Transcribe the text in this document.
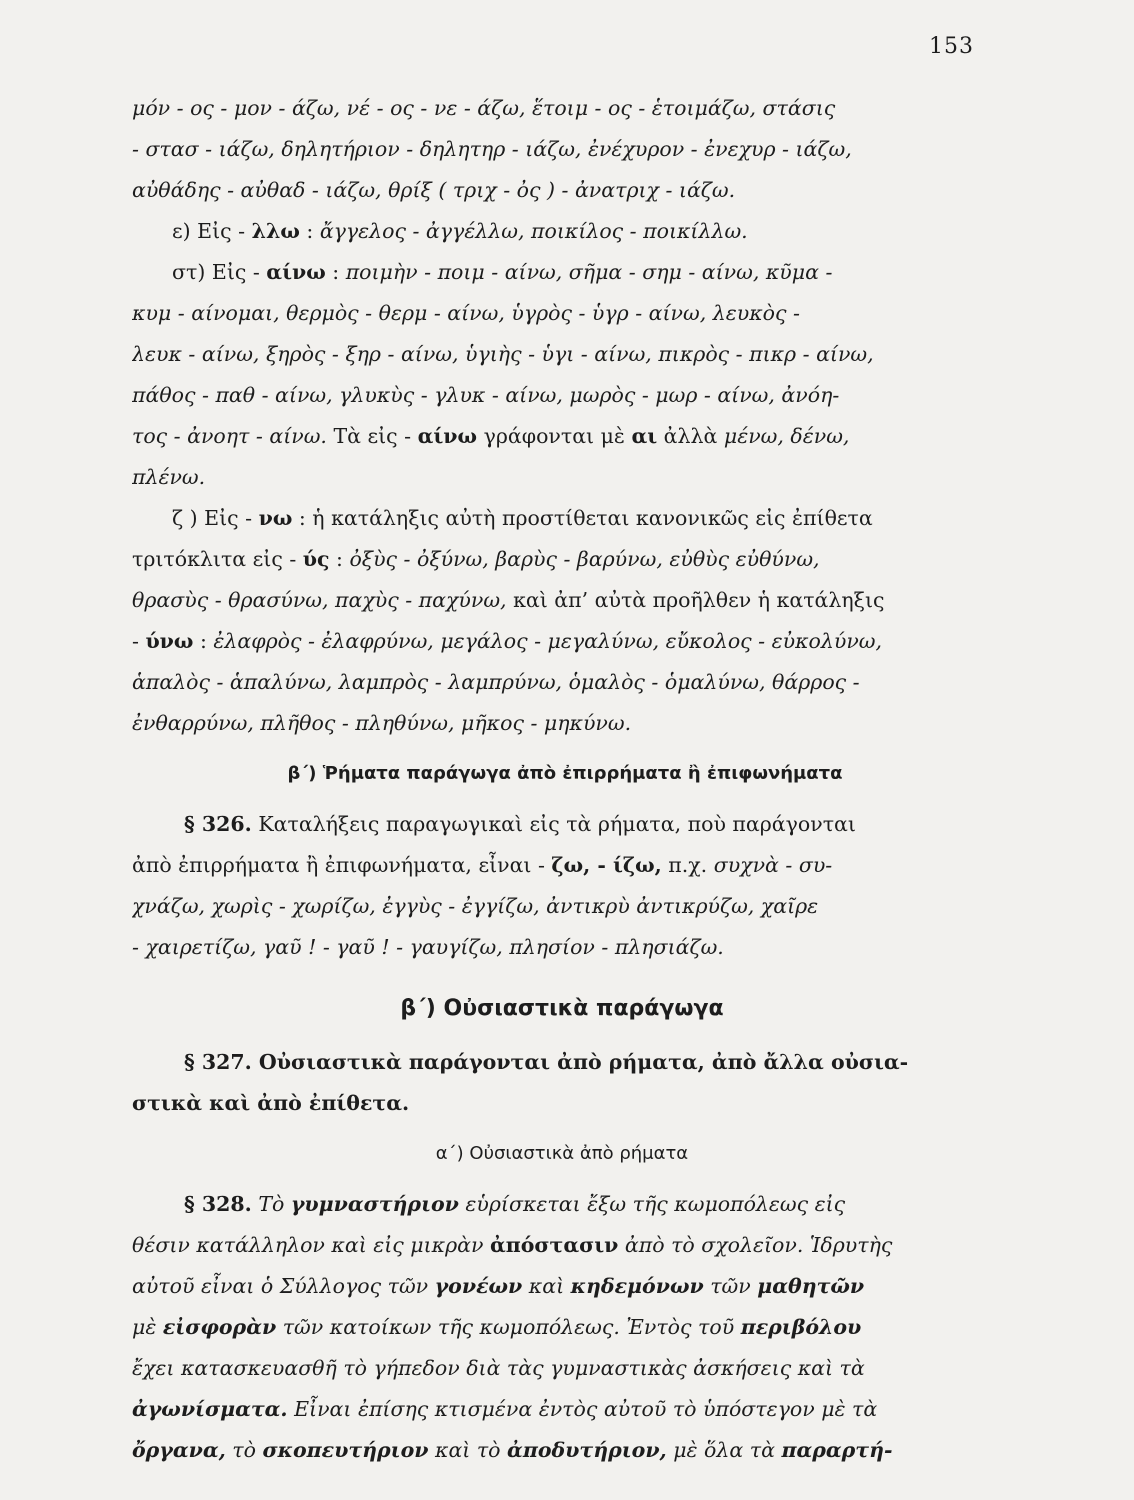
153
μόν - ος - μον - άζω, νέ - ος - νε - άζω, ἕτοιμ - ος - ἑτοιμάζω, στάσις
- στασ - ιάζω, δηλητήριον - δηλητηρ - ιάζω, ἐνέχυρον - ἐνεχυρ - ιάζω,
αὐθάδης - αὐθαδ - ιάζω, θρίξ ( τριχ - ὀς ) - ἀνατριχ - ιάζω.
ε) Εἰς - λλω : ἄγγελος - ἀγγέλλω, ποικίλος - ποικίλλω.
στ) Εἰς - αίνω : ποιμὴν - ποιμ - αίνω, σῆμα - σημ - αίνω, κῦμα -
κυμ - αίνομαι, θερμὸς - θερμ - αίνω, ὑγρὸς - ὑγρ - αίνω, λευκὸς -
λευκ - αίνω, ξηρὸς - ξηρ - αίνω, ὑγιὴς - ὑγι - αίνω, πικρὸς - πικρ - αίνω,
πάθος - παθ - αίνω, γλυκὺς - γλυκ - αίνω, μωρὸς - μωρ - αίνω, ἀνόη-
τος - ἀνοητ - αίνω. Τὰ εἰς - αίνω γράφονται μὲ αι ἀλλὰ μένω, δένω,
πλένω.
ζ ) Εἰς - νω : ἡ κατάληξις αὐτὴ προστίθεται κανονικῶς εἰς ἐπίθετα
τριτόκλιτα εἰς - ύς : ὀξὺς - ὀξύνω, βαρὺς - βαρύνω, εὐθὺς εὐθύνω,
θρασὺς - θρασύνω, παχὺς - παχύνω, καὶ ἀπ’ αὐτὰ προῆλθεν ἡ κατάληξις
- ύνω : ἐλαφρὸς - ἐλαφρύνω, μεγάλος - μεγαλύνω, εὔκολος - εὐκολύνω,
ἁπαλὸς - ἁπαλύνω, λαμπρὸς - λαμπρύνω, ὁμαλὸς - ὁμαλύνω, θάρρος -
ἐνθαρρύνω, πλῆθος - πληθύνω, μῆκος - μηκύνω.
β΄) Ῥήματα παράγωγα ἀπὸ ἐπιρρήματα ἢ ἐπιφωνήματα
§ 326. Καταλήξεις παραγωγικαὶ εἰς τὰ ρήματα, ποὺ παράγονται
ἀπὸ ἐπιρρήματα ἢ ἐπιφωνήματα, εἶναι - ζω, - ίζω, π.χ. συχνὰ - συ-
χνάζω, χωρὶς - χωρίζω, ἐγγὺς - ἐγγίζω, ἀντικρὺ ἀντικρύζω, χαῖρε
- χαιρετίζω, γαῦ ! - γαῦ ! - γαυγίζω, πλησίον - πλησιάζω.
β΄) Οὐσιαστικὰ παράγωγα
§ 327. Οὐσιαστικὰ παράγονται ἀπὸ ρήματα, ἀπὸ ἄλλα οὐσια-
στικὰ καὶ ἀπὸ ἐπίθετα.
α΄) Οὐσιαστικὰ ἀπὸ ρήματα
§ 328. Τὸ γυμναστήριον εὑρίσκεται ἔξω τῆς κωμοπόλεως εἰς
θέσιν κατάλληλον καὶ εἰς μικρὰν ἀπόστασιν ἀπὸ τὸ σχολεῖον. Ἱδρυτὴς
αὐτοῦ εἶναι ὁ Σύλλογος τῶν γονέων καὶ κηδεμόνων τῶν μαθητῶν
μὲ εἰσφορὰν τῶν κατοίκων τῆς κωμοπόλεως. Ἐντὸς τοῦ περιβόλου
ἔχει κατασκευασθῆ τὸ γήπεδον διὰ τὰς γυμναστικὰς ἀσκήσεις καὶ τὰ
ἀγωνίσματα. Εἶναι ἐπίσης κτισμένα ἐντὸς αὐτοῦ τὸ ὑπόστεγον μὲ τὰ
ὄργανα, τὸ σκοπευτήριον καὶ τὸ ἀποδυτήριον, μὲ ὅλα τὰ παραρτή-
